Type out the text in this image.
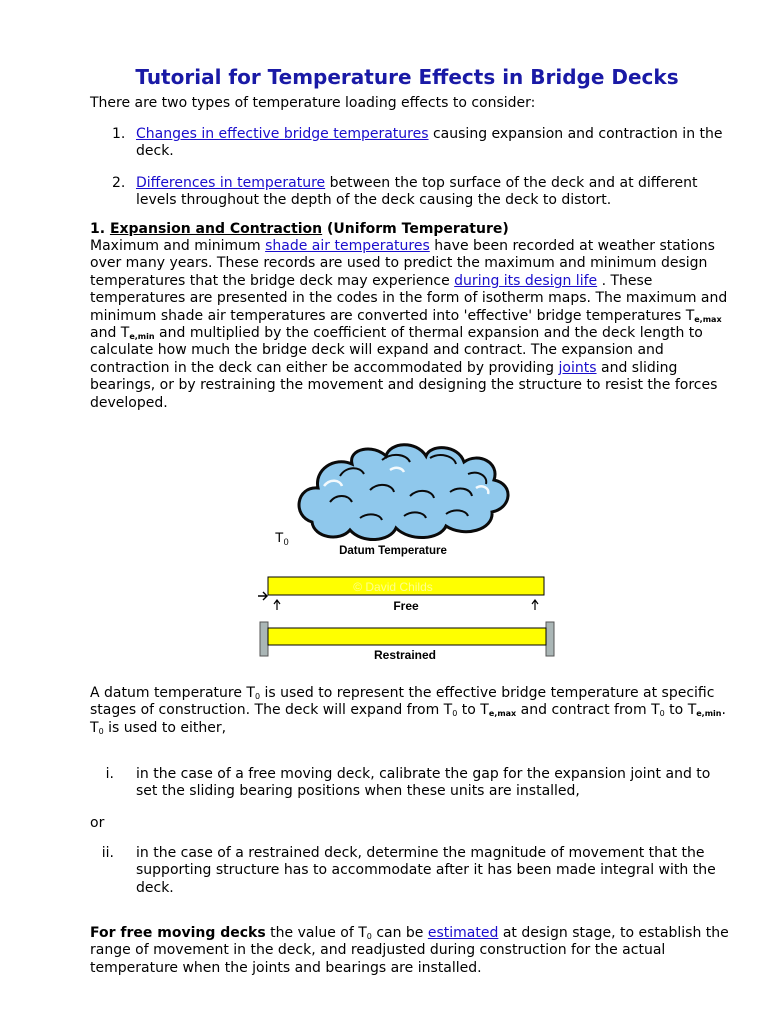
Tutorial for Temperature Effects in Bridge Decks

There are two types of temperature loading effects to consider:

1. Changes in effective bridge temperatures causing expansion and contraction in the deck.
2. Differences in temperature between the top surface of the deck and at different levels throughout the depth of the deck causing the deck to distort.

1. Expansion and Contraction (Uniform Temperature)

Maximum and minimum shade air temperatures have been recorded at weather stations over many years. These records are used to predict the maximum and minimum design temperatures that the bridge deck may experience during its design life . These temperatures are presented in the codes in the form of isotherm maps. The maximum and minimum shade air temperatures are converted into 'effective' bridge temperatures $T_{e,max}$ and $T_{e,min}$ and multiplied by the coefficient of thermal expansion and the deck length to calculate how much the bridge deck will expand and contract. The expansion and contraction in the deck can either be accommodated by providing joints and sliding bearings, or by restraining the movement and designing the structure to resist the forces developed.

$T_0$
Datum Temperature
© David Childs
Free
Restrained

A datum temperature $T_0$ is used to represent the effective bridge temperature at specific stages of construction. The deck will expand from $T_0$ to $T_{e,max}$ and contract from $T_0$ to $T_{e,min}$.
$T_0$ is used to either,

i. in the case of a free moving deck, calibrate the gap for the expansion joint and to set the sliding bearing positions when these units are installed,

or

ii. in the case of a restrained deck, determine the magnitude of movement that the supporting structure has to accommodate after it has been made integral with the deck.

For free moving decks the value of $T_0$ can be estimated at design stage, to establish the range of movement in the deck, and readjusted during construction for the actual temperature when the joints and bearings are installed.
